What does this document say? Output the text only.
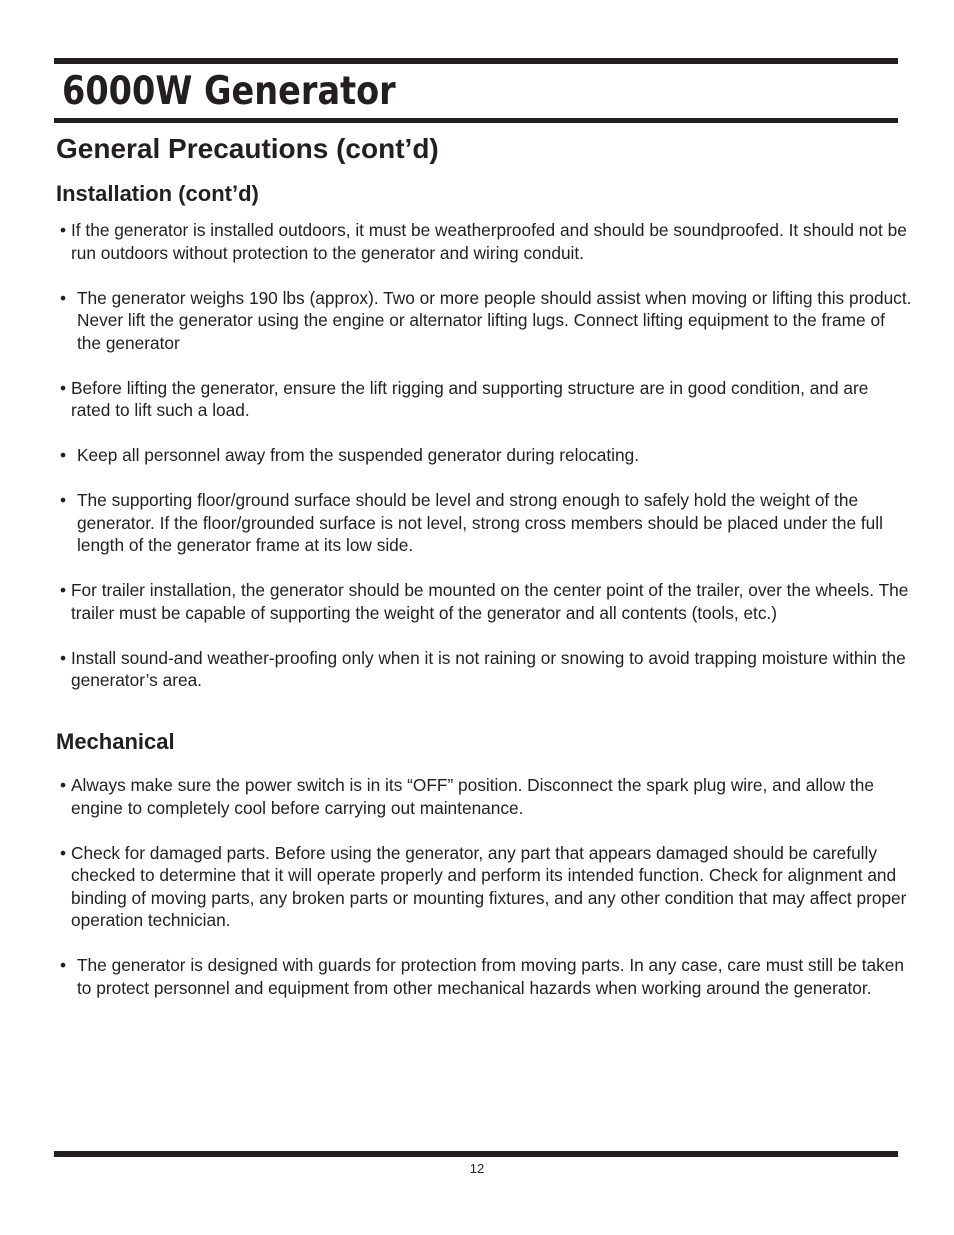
6000W Generator
General Precautions (cont’d)
Installation (cont’d)
• If the generator is installed outdoors, it must be weatherproofed and should be soundproofed. It should not be run outdoors without protection to the generator and wiring conduit.
• The generator weighs 190 lbs (approx). Two or more people should assist when moving or lifting this product. Never lift the generator using the engine or alternator lifting lugs. Connect lifting equipment to the frame of the generator
• Before lifting the generator, ensure the lift rigging and supporting structure are in good condition, and are rated to lift such a load.
• Keep all personnel away from the suspended generator during relocating.
• The supporting floor/ground surface should be level and strong enough to safely hold the weight of the generator. If the floor/grounded surface is not level, strong cross members should be placed under the full length of the generator frame at its low side.
• For trailer installation, the generator should be mounted on the center point of the trailer, over the wheels. The trailer must be capable of supporting the weight of the generator and all contents (tools, etc.)
• Install sound-and weather-proofing only when it is not raining or snowing to avoid trapping moisture within the generator’s area.
Mechanical
• Always make sure the power switch is in its “OFF” position. Disconnect the spark plug wire, and allow the engine to completely cool before carrying out maintenance.
• Check for damaged parts. Before using the generator, any part that appears damaged should be carefully checked to determine that it will operate properly and perform its intended function. Check for alignment and binding of moving parts, any broken parts or mounting fixtures, and any other condition that may affect proper operation technician.
• The generator is designed with guards for protection from moving parts. In any case, care must still be taken to protect personnel and equipment from other mechanical hazards when working around the generator.
12
